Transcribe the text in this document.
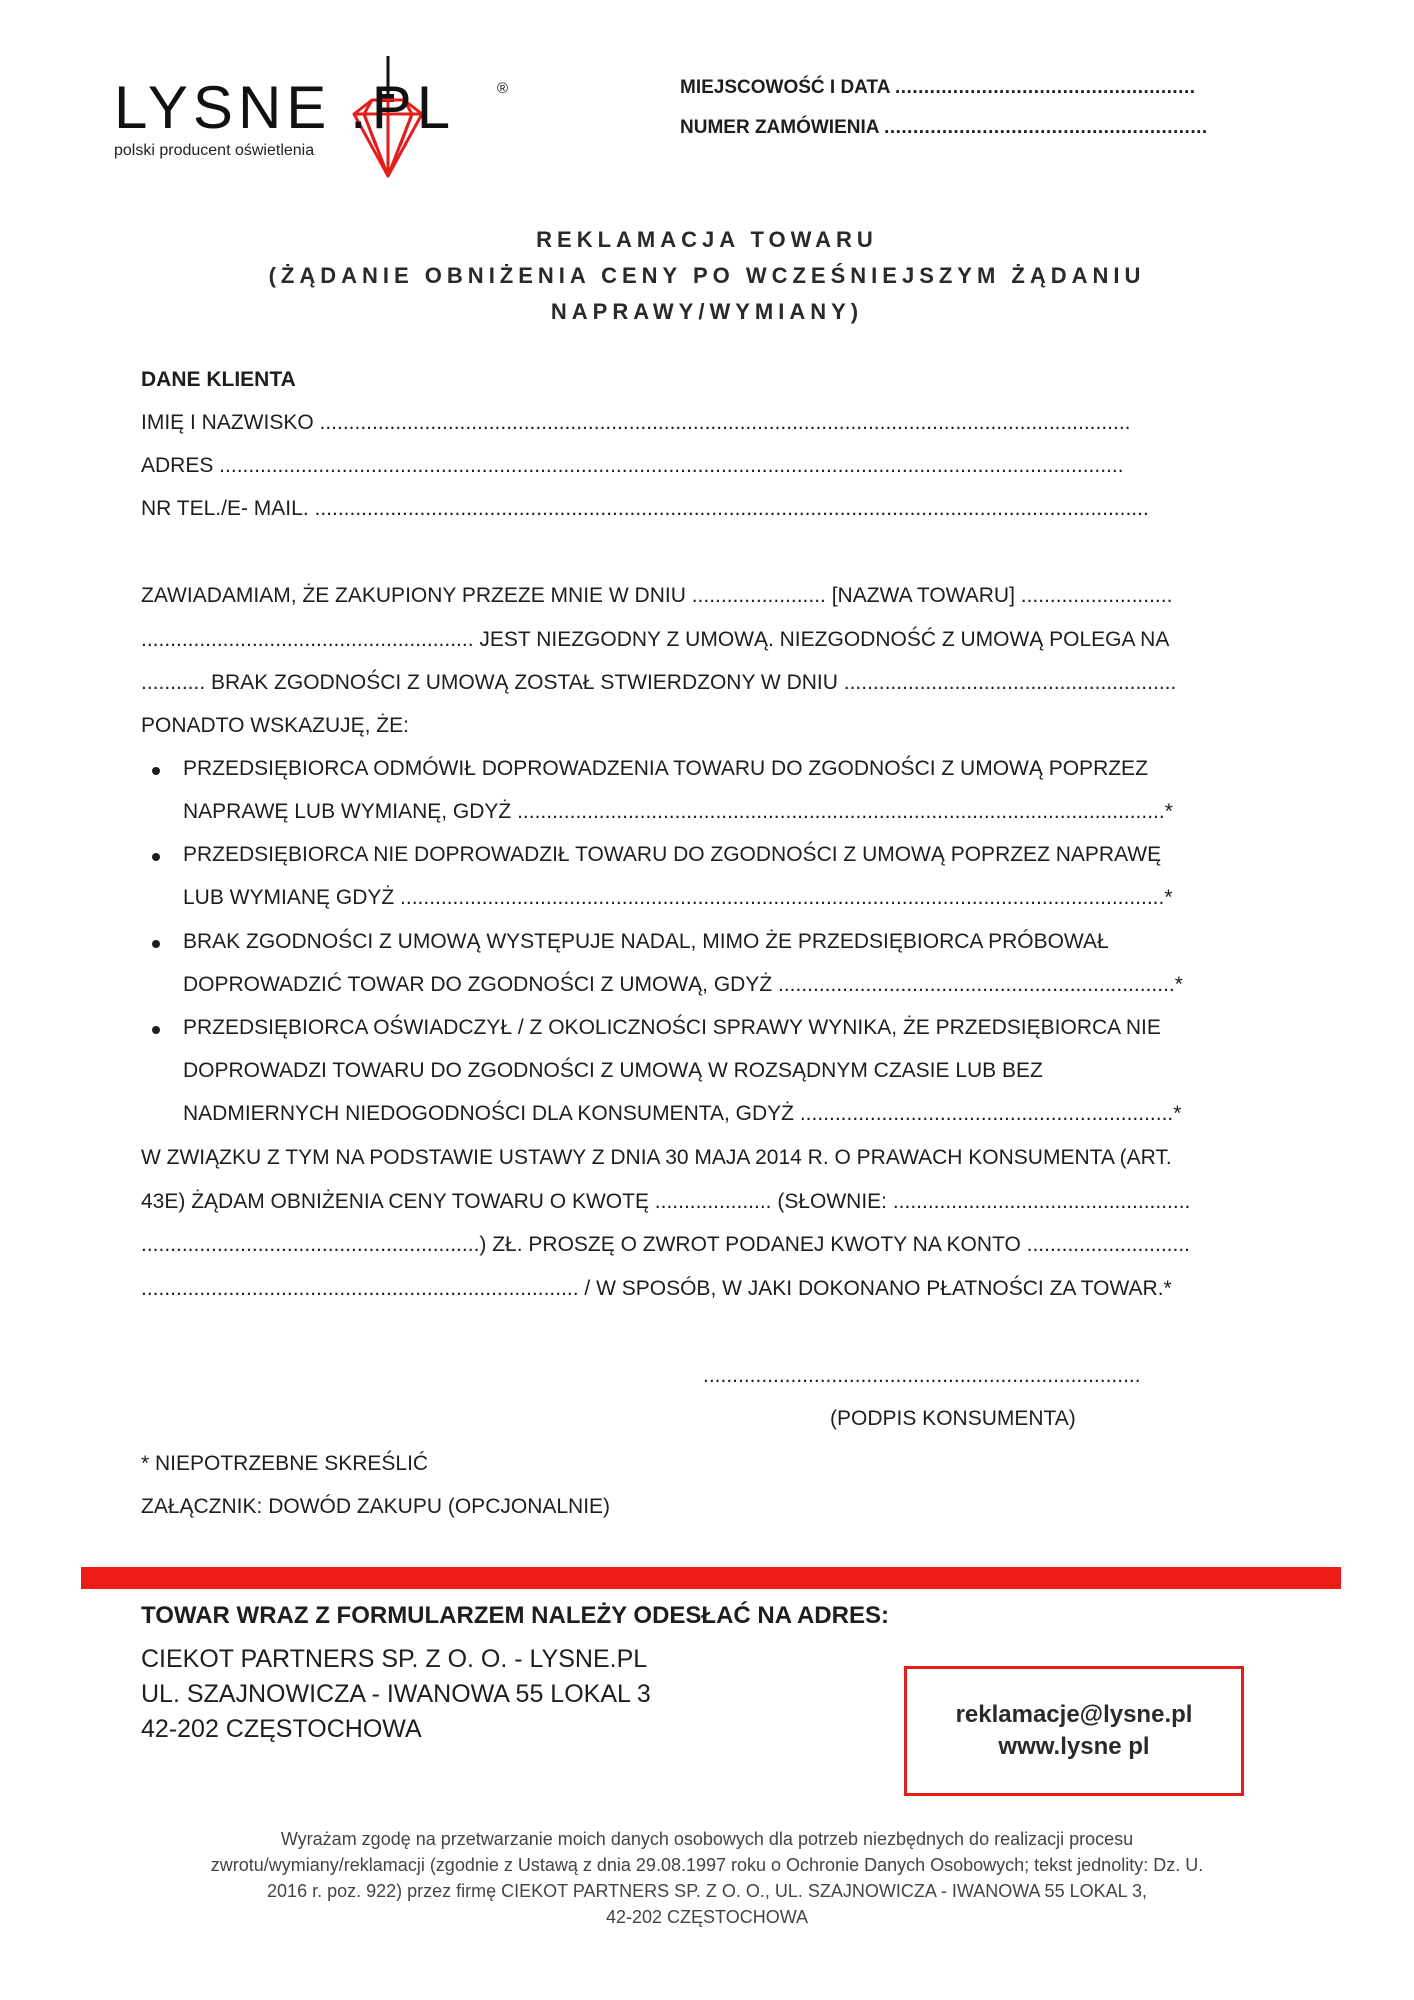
LYSNE .PL	®
polski producent oświetlenia
MIEJSCOWOŚĆ I DATA ....................................................
NUMER ZAMÓWIENIA ........................................................
REKLAMACJA TOWARU
(ŻĄDANIE OBNIŻENIA CENY PO WCZEŚNIEJSZYM ŻĄDANIU
NAPRAWY/WYMIANY)
DANE KLIENTA
IMIĘ I NAZWISKO ...........................................................................................................................................
ADRES ...........................................................................................................................................................
NR TEL./E- MAIL. ...............................................................................................................................................
ZAWIADAMIAM, ŻE ZAKUPIONY PRZEZE MNIE W DNIU ....................... [NAZWA TOWARU] ..........................
......................................................... JEST NIEZGODNY Z UMOWĄ. NIEZGODNOŚĆ Z UMOWĄ POLEGA NA
........... BRAK ZGODNOŚCI Z UMOWĄ ZOSTAŁ STWIERDZONY W DNIU .........................................................
PONADTO WSKAZUJĘ, ŻE:
PRZEDSIĘBIORCA ODMÓWIŁ DOPROWADZENIA TOWARU DO ZGODNOŚCI Z UMOWĄ POPRZEZ
NAPRAWĘ LUB WYMIANĘ, GDYŻ ...............................................................................................................*
PRZEDSIĘBIORCA NIE DOPROWADZIŁ TOWARU DO ZGODNOŚCI Z UMOWĄ POPRZEZ NAPRAWĘ
LUB WYMIANĘ GDYŻ ...................................................................................................................................*
BRAK ZGODNOŚCI Z UMOWĄ WYSTĘPUJE NADAL, MIMO ŻE PRZEDSIĘBIORCA PRÓBOWAŁ
DOPROWADZIĆ TOWAR DO ZGODNOŚCI Z UMOWĄ, GDYŻ ....................................................................*
PRZEDSIĘBIORCA OŚWIADCZYŁ / Z OKOLICZNOŚCI SPRAWY WYNIKA, ŻE PRZEDSIĘBIORCA NIE
DOPROWADZI TOWARU DO ZGODNOŚCI Z UMOWĄ W ROZSĄDNYM CZASIE LUB BEZ
NADMIERNYCH NIEDOGODNOŚCI DLA KONSUMENTA, GDYŻ ................................................................*
W ZWIĄZKU Z TYM NA PODSTAWIE USTAWY Z DNIA 30 MAJA 2014 R. O PRAWACH KONSUMENTA (ART.
43E) ŻĄDAM OBNIŻENIA CENY TOWARU O KWOTĘ .................... (SŁOWNIE: ...................................................
..........................................................) ZŁ. PROSZĘ O ZWROT PODANEJ KWOTY NA KONTO ............................
........................................................................... / W SPOSÓB, W JAKI DOKONANO PŁATNOŚCI ZA TOWAR.*
...........................................................................
(PODPIS KONSUMENTA)
* NIEPOTRZEBNE SKREŚLIĆ
ZAŁĄCZNIK: DOWÓD ZAKUPU (OPCJONALNIE)
TOWAR WRAZ Z FORMULARZEM NALEŻY ODESŁAĆ NA ADRES:
CIEKOT PARTNERS SP. Z O. O. - LYSNE.PL
UL. SZAJNOWICZA - IWANOWA 55 LOKAL 3
42-202 CZĘSTOCHOWA
reklamacje@lysne.pl
www.lysne pl
Wyrażam zgodę na przetwarzanie moich danych osobowych dla potrzeb niezbędnych do realizacji procesu
zwrotu/wymiany/reklamacji (zgodnie z Ustawą z dnia 29.08.1997 roku o Ochronie Danych Osobowych; tekst jednolity: Dz. U.
2016 r. poz. 922) przez firmę CIEKOT PARTNERS SP. Z O. O., UL. SZAJNOWICZA - IWANOWA 55 LOKAL 3,
42-202 CZĘSTOCHOWA
